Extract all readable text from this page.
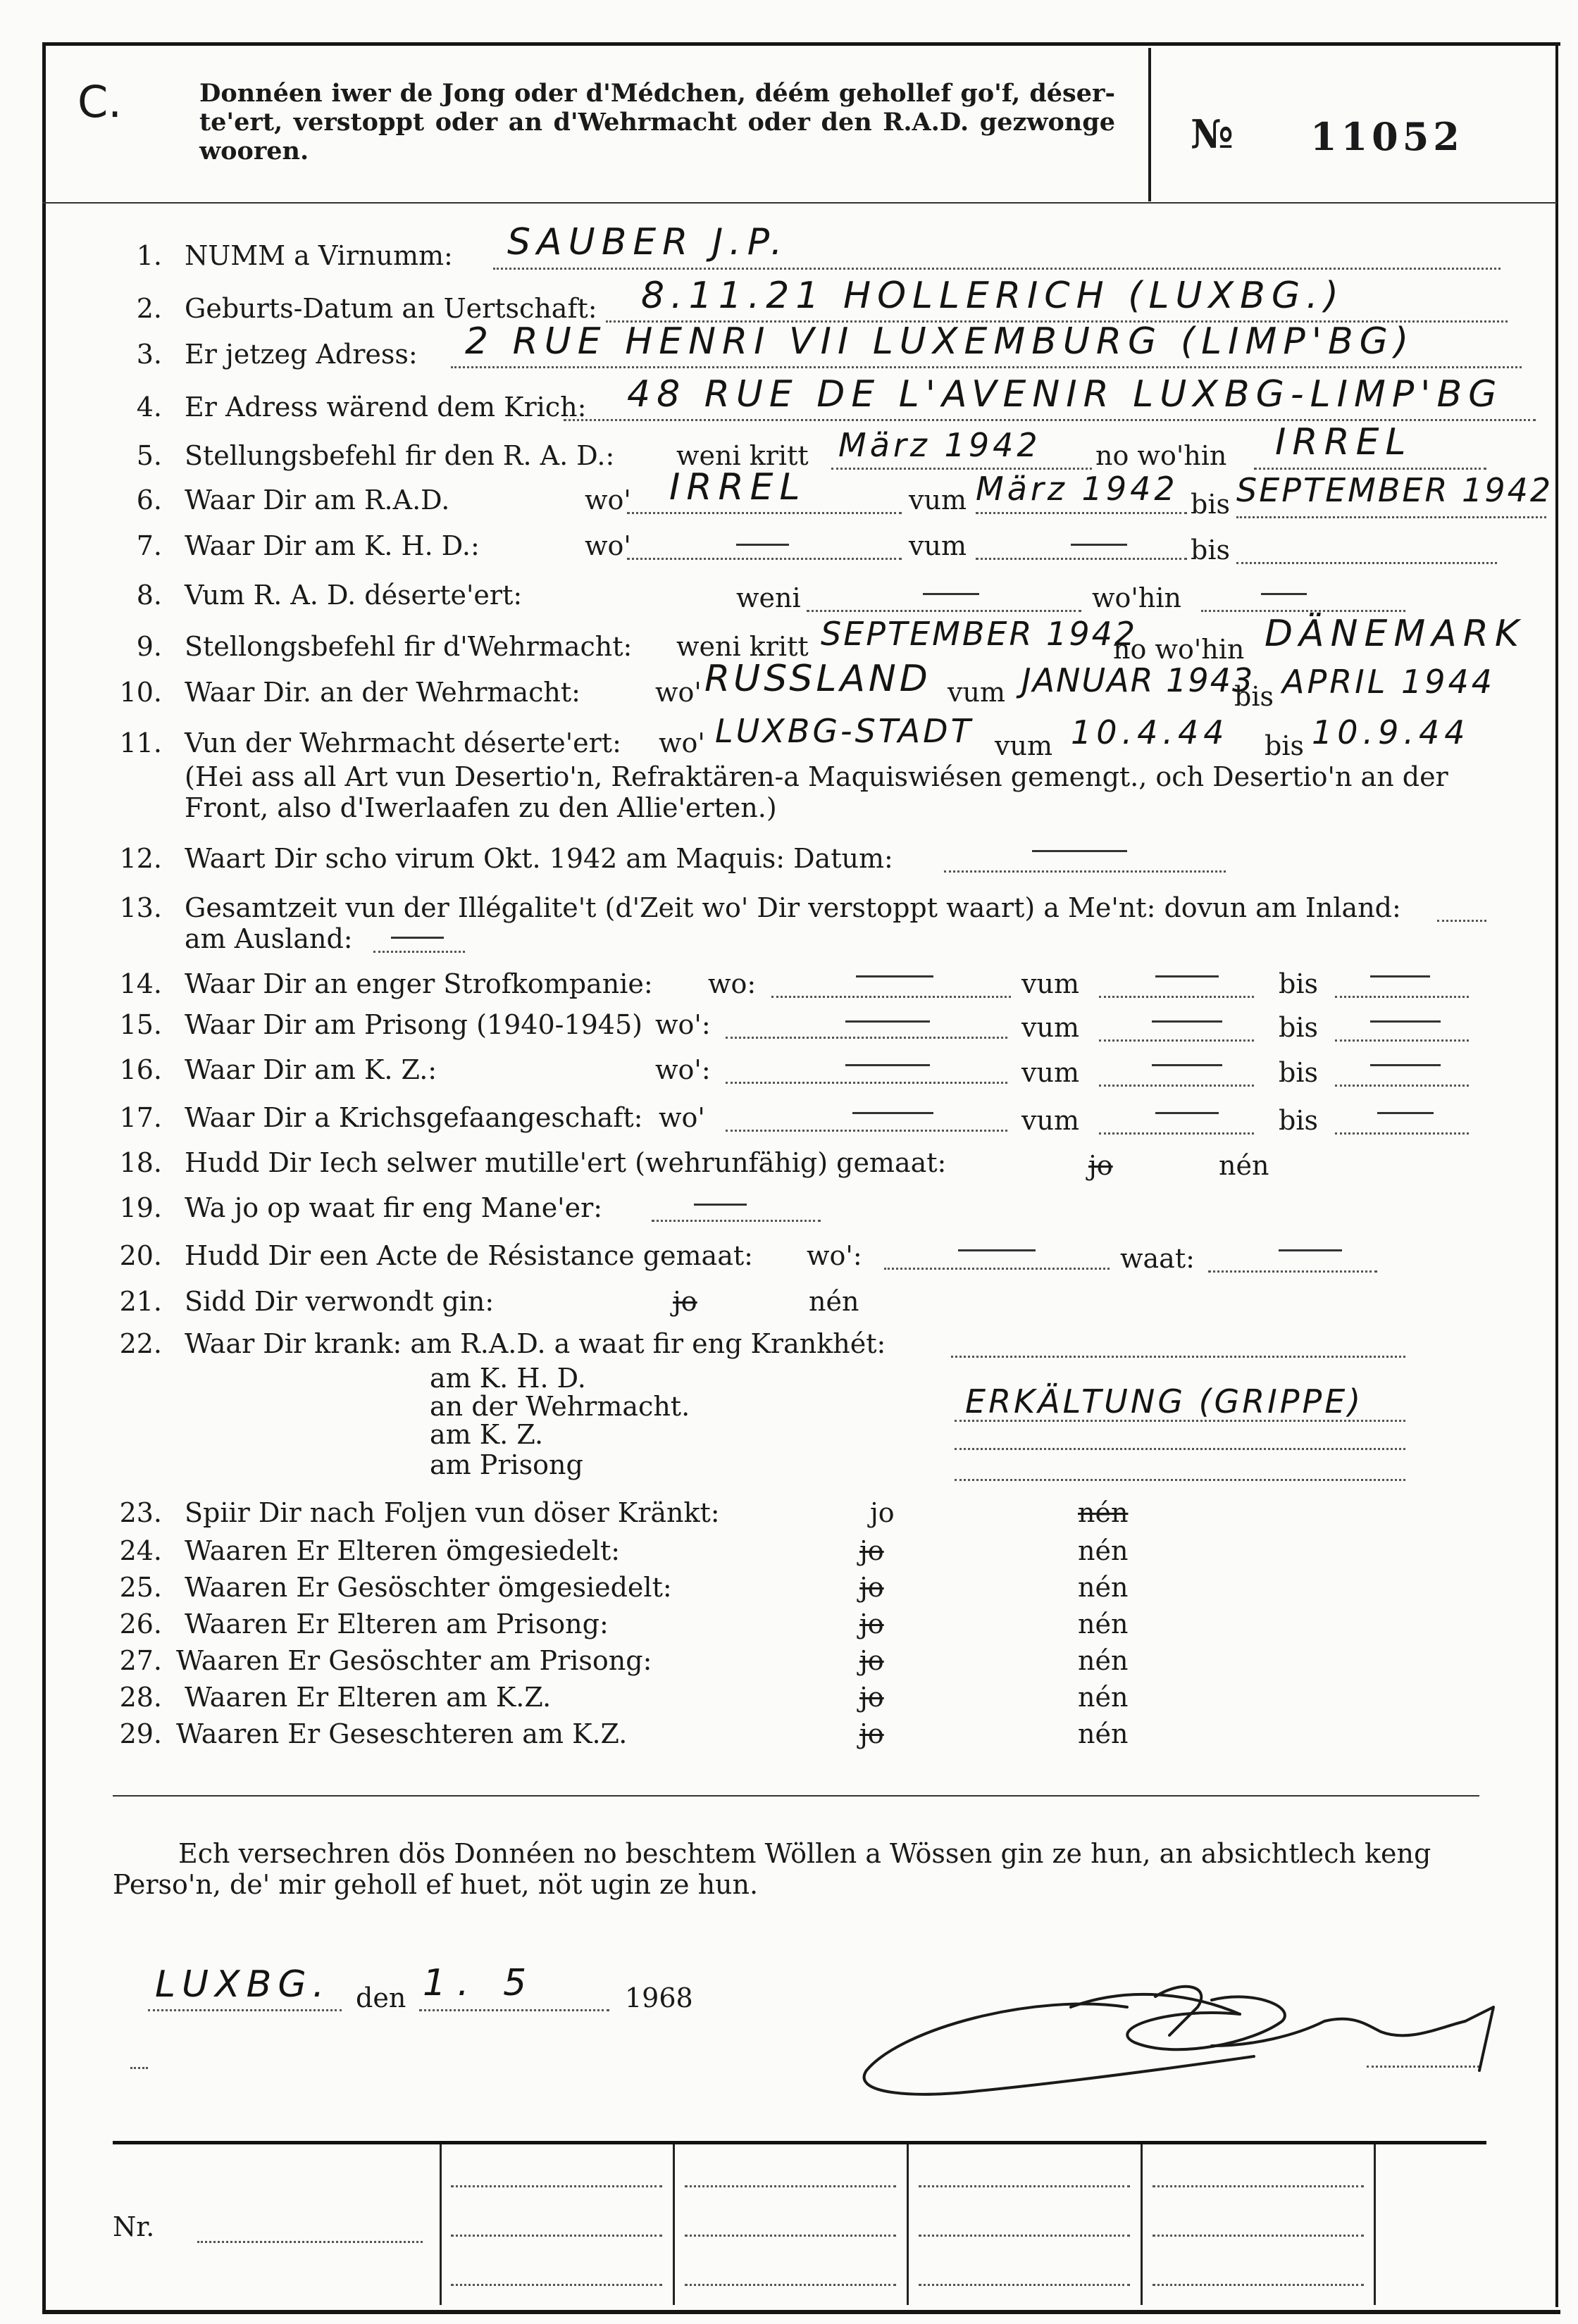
C.	Donnéen iwer de Jong oder d'Médchen, déém gehollef go'f, déser-te'ert, verstoppt oder an d'Wehrmacht oder den R.A.D. gezwonge wooren.	№ 11052
1. NUMM a Virnumm: SAUBER J.P.
2. Geburts-Datum an Uertschaft: 8.11.21 HOLLERICH (LUXBG.)
3. Er jetzeg Adress: 2 RUE HENRI VII LUXEMBURG (LIMP'BG)
4. Er Adress wärend dem Krich: 48 RUE DE L'AVENIR LUXBG-LIMP'BG
5. Stellungsbefehl fir den R. A. D.: weni kritt März 1942 no wo'hin IRREL
6. Waar Dir am R.A.D.	wo' IRREL	vum März 1942 bis SEPTEMBER 1942
7. Waar Dir am K. H. D.:	wo'	vum	bis
8. Vum R. A. D. déserte'ert:	weni	wo'hin
9. Stellongsbefehl fir d'Wehrmacht: weni kritt SEPTEMBER 1942
no wo'hin DÄNEMARK
10. Waar Dir. an der Wehrmacht:	wo' RUSSLAND vum JANUAR 1943
bis APRIL 1944
11. Vun der Wehrmacht déserte'ert: wo' LUXBG-STADT vum 10.4.44 bis 10.9.44
(Hei ass all Art vun Desertio'n, Refraktären-a Maquiswiésen gemengt., och Desertio'n an der
Front, also d'Iwerlaafen zu den Allie'erten.)
12. Waart Dir scho virum Okt. 1942 am Maquis: Datum:
13. Gesamtzeit vun der Illégalite't (d'Zeit wo' Dir verstoppt waart) a Me'nt: dovun am Inland:
am Ausland:
14. Waar Dir an enger Strofkompanie: wo:	vum	bis
15. Waar Dir am Prisong (1940-1945) wo':	vum	bis
16. Waar Dir am K. Z.:	wo':	vum	bis
17. Waar Dir a Krichsgefaangeschaft: wo'	vum	bis
18. Hudd Dir Iech selwer mutille'ert (wehrunfähig) gemaat:	jo	nén
19. Wa jo op waat fir eng Mane'er:
20. Hudd Dir een Acte de Résistance gemaat: wo':	waat:
21. Sidd Dir verwondt gin:	jo	nén
22. Waar Dir krank: am R.A.D. a waat fir eng Krankhét:
am K. H. D.
an der Wehrmacht.	ERKÄLTUNG (GRIPPE)
am K. Z.
am Prisong
23. Spiir Dir nach Foljen vun döser Kränkt:	jo	nén
24. Waaren Er Elteren ömgesiedelt:	jo	nén
25. Waaren Er Gesöschter ömgesiedelt:	jo	nén
26. Waaren Er Elteren am Prisong:	jo	nén
27. Waaren Er Gesöschter am Prisong:	jo	nén
28. Waaren Er Elteren am K.Z.	jo	nén
29. Waaren Er Geseschteren am K.Z.	jo	nén
Ech versechren dös Donnéen no beschtem Wöllen a Wössen gin ze hun, an absichtlech keng
Perso'n, de' mir geholl ef huet, nöt ugin ze hun.
LUXBG. den 1. 5	1968
Nr.
